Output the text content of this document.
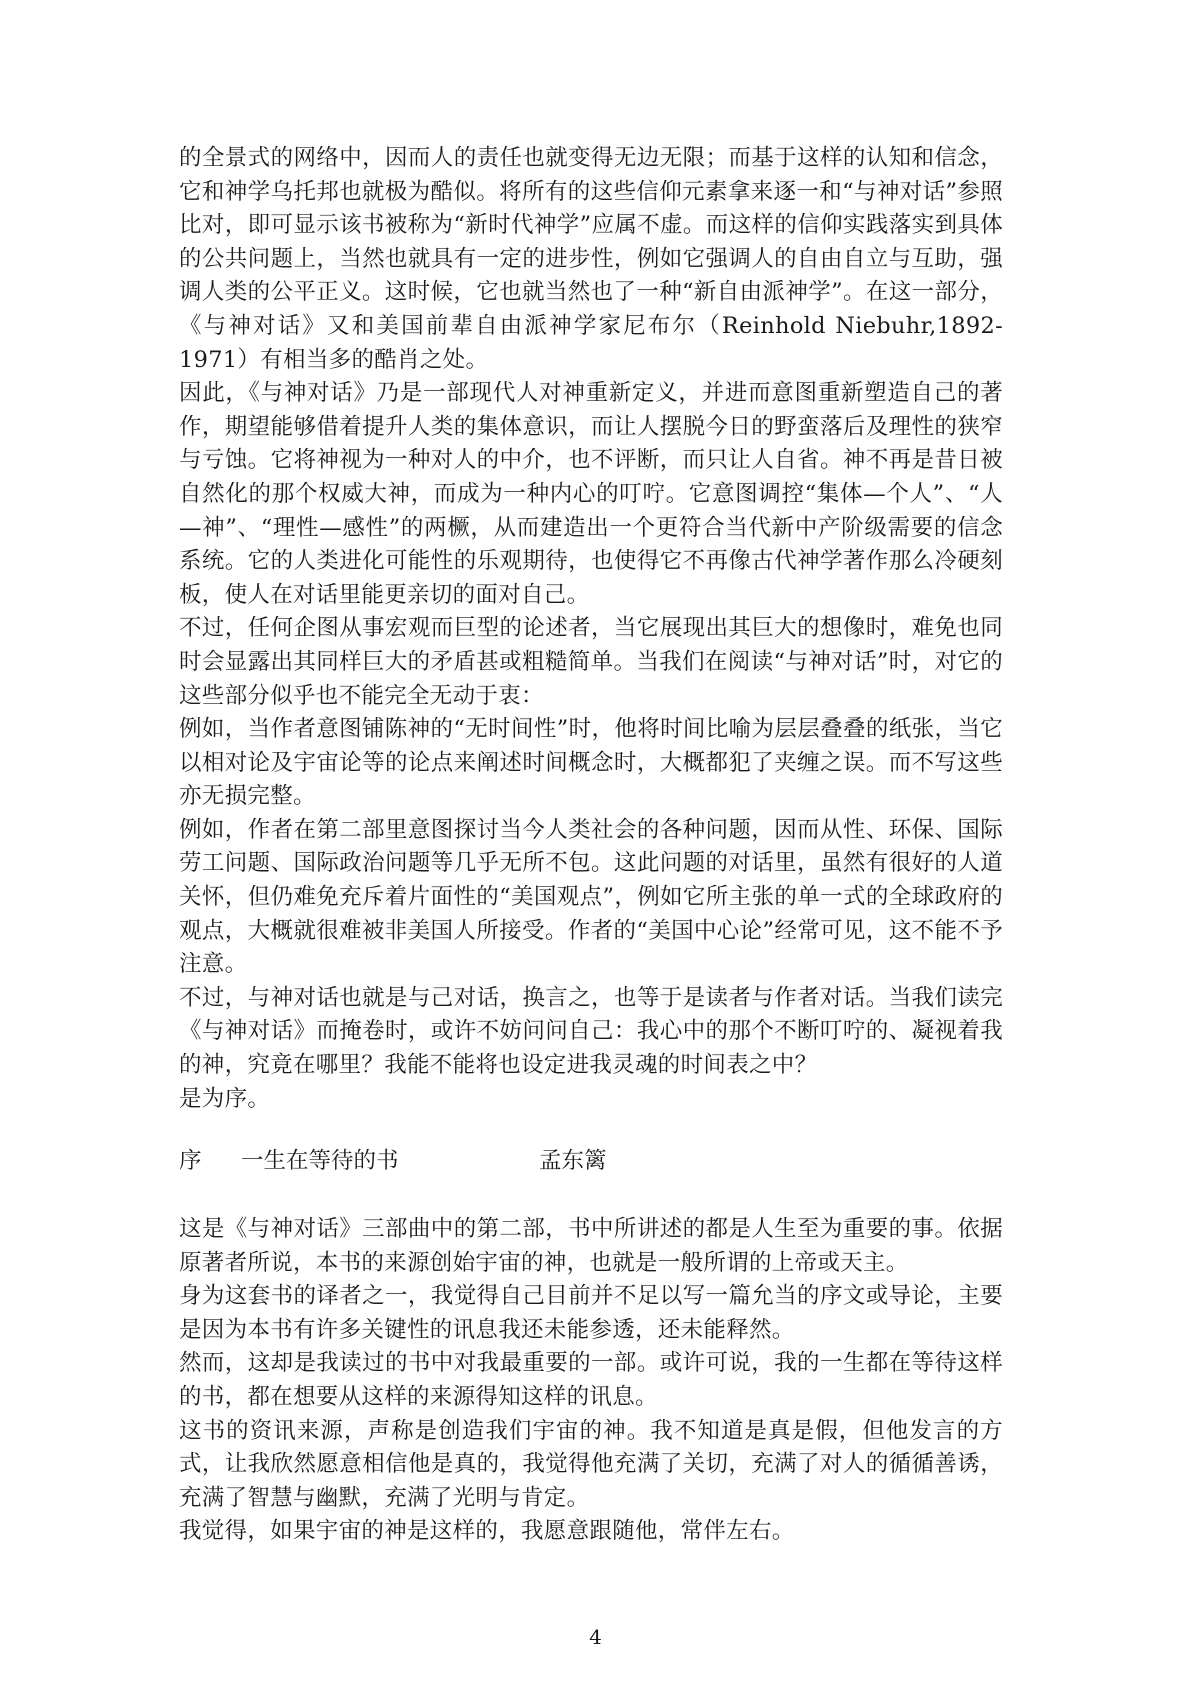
的全景式的网络中，因而人的责任也就变得无边无限；而基于这样的认知和信念，它和神学乌托邦也就极为酷似。将所有的这些信仰元素拿来逐一和“与神对话”参照比对，即可显示该书被称为“新时代神学”应属不虚。而这样的信仰实践落实到具体的公共问题上，当然也就具有一定的进步性，例如它强调人的自由自立与互助，强调人类的公平正义。这时候，它也就当然也了一种“新自由派神学”。在这一部分，《与神对话》又和美国前辈自由派神学家尼布尔（Reinhold Niebuhr,1892-1971）有相当多的酷肖之处。

因此，《与神对话》乃是一部现代人对神重新定义，并进而意图重新塑造自己的著作，期望能够借着提升人类的集体意识，而让人摆脱今日的野蛮落后及理性的狭窄与亏蚀。它将神视为一种对人的中介，也不评断，而只让人自省。神不再是昔日被自然化的那个权威大神，而成为一种内心的叮咛。它意图调控“集体—个人”、“人—神”、“理性—感性”的两橛，从而建造出一个更符合当代新中产阶级需要的信念系统。它的人类进化可能性的乐观期待，也使得它不再像古代神学著作那么冷硬刻板，使人在对话里能更亲切的面对自己。

不过，任何企图从事宏观而巨型的论述者，当它展现出其巨大的想像时，难免也同时会显露出其同样巨大的矛盾甚或粗糙简单。当我们在阅读“与神对话”时，对它的这些部分似乎也不能完全无动于衷：

例如，当作者意图铺陈神的“无时间性”时，他将时间比喻为层层叠叠的纸张，当它以相对论及宇宙论等的论点来阐述时间概念时，大概都犯了夹缠之误。而不写这些亦无损完整。

例如，作者在第二部里意图探讨当今人类社会的各种问题，因而从性、环保、国际劳工问题、国际政治问题等几乎无所不包。这此问题的对话里，虽然有很好的人道关怀，但仍难免充斥着片面性的“美国观点”，例如它所主张的单一式的全球政府的观点，大概就很难被非美国人所接受。作者的“美国中心论”经常可见，这不能不予注意。

不过，与神对话也就是与己对话，换言之，也等于是读者与作者对话。当我们读完《与神对话》而掩卷时，或许不妨问问自己：我心中的那个不断叮咛的、凝视着我的神，究竟在哪里？我能不能将也设定进我灵魂的时间表之中？

是为序。

序 一生在等待的书	孟东篱

这是《与神对话》三部曲中的第二部，书中所讲述的都是人生至为重要的事。依据原著者所说，本书的来源创始宇宙的神，也就是一般所谓的上帝或天主。

身为这套书的译者之一，我觉得自己目前并不足以写一篇允当的序文或导论，主要是因为本书有许多关键性的讯息我还未能参透，还未能释然。

然而，这却是我读过的书中对我最重要的一部。或许可说，我的一生都在等待这样的书，都在想要从这样的来源得知这样的讯息。

这书的资讯来源，声称是创造我们宇宙的神。我不知道是真是假，但他发言的方式，让我欣然愿意相信他是真的，我觉得他充满了关切，充满了对人的循循善诱，充满了智慧与幽默，充满了光明与肯定。

我觉得，如果宇宙的神是这样的，我愿意跟随他，常伴左右。

4
